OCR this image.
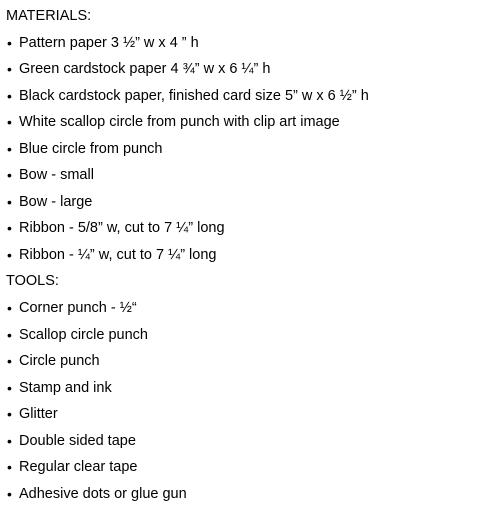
MATERIALS:
• Pattern paper 3 ½” w x 4 ” h
• Green cardstock paper 4 ¾” w x 6 ¼” h
• Black cardstock paper, finished card size 5” w x 6 ½” h
• White scallop circle from punch with clip art image
• Blue circle from punch
• Bow - small
• Bow - large
• Ribbon - 5/8” w, cut to 7 ¼” long
• Ribbon - ¼” w, cut to 7 ¼” long
TOOLS:
• Corner punch - ½“
• Scallop circle punch
• Circle punch
• Stamp and ink
• Glitter
• Double sided tape
• Regular clear tape
• Adhesive dots or glue gun
